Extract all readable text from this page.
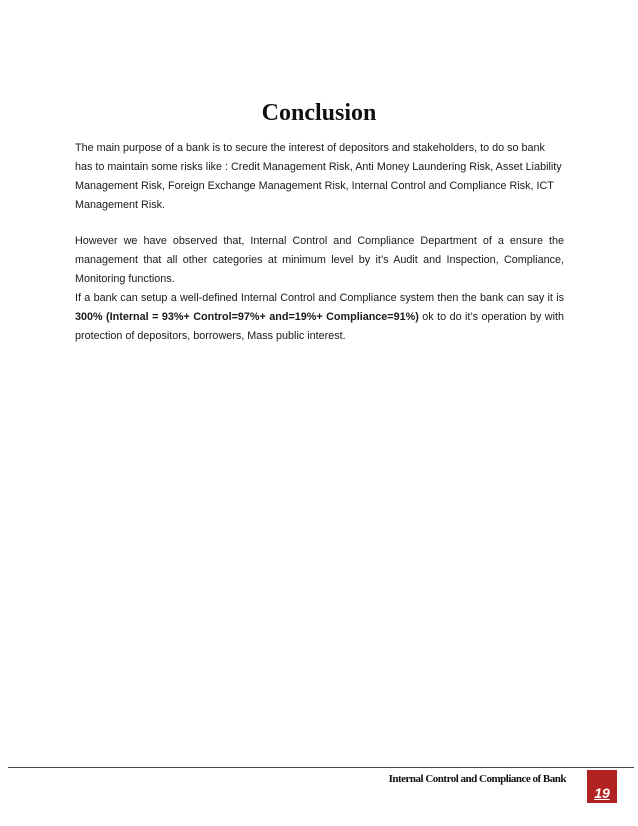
Conclusion

The main purpose of a bank is to secure the interest of depositors and stakeholders, to do so bank has to maintain some risks like : Credit Management Risk, Anti Money Laundering Risk, Asset Liability Management Risk, Foreign Exchange Management Risk, Internal Control and Compliance Risk, ICT Management Risk.

However we have observed that, Internal Control and Compliance Department of a ensure the management that all other categories at minimum level by it’s Audit and Inspection, Compliance, Monitoring functions.

If a bank can setup a well-defined Internal Control and Compliance system then the bank can say it is 300% (Internal = 93%+ Control=97%+ and=19%+ Compliance=91%) ok to do it’s operation by with protection of depositors, borrowers, Mass public interest.

Internal Control and Compliance of Bank
19
